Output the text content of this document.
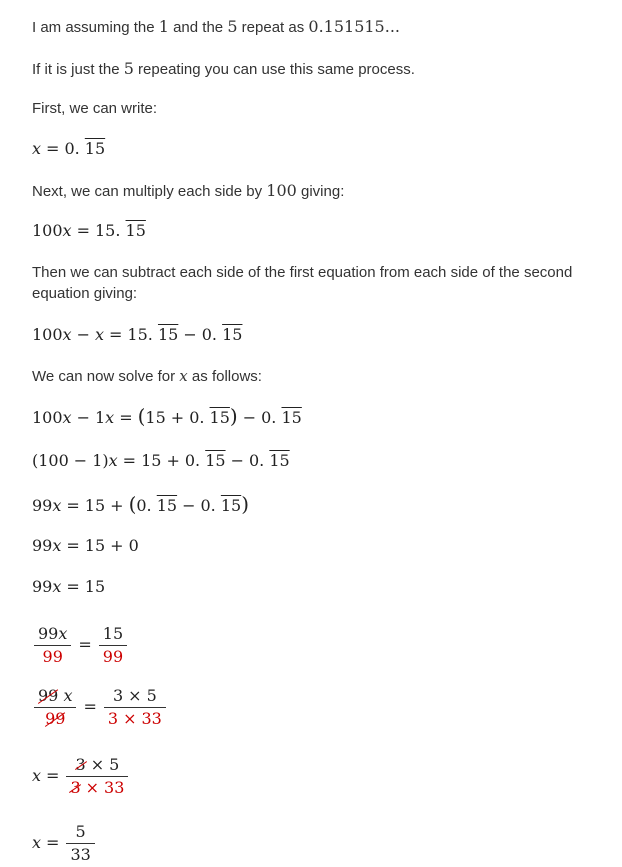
I am assuming the 1 and the 5 repeat as 0.151515...
If it is just the 5 repeating you can use this same process.
First, we can write:
x = 0. 15
Next, we can multiply each side by 100 giving:
100x = 15. 15
Then we can subtract each side of the first equation from each side of the second equation giving:
100x − x = 15. 15 − 0. 15
We can now solve for x as follows:
100x − 1x = (15 + 0. 15) − 0. 15
(100 − 1)x = 15 + 0. 15 − 0. 15
99x = 15 + (0. 15 − 0. 15)
99x = 15 + 0
99x = 15
$\frac{99x}{99} = \frac{15}{99}$
$\frac{99 x}{99} = \frac{3 \times 5}{3 \times 33}$
$x = \frac{3 \times 5}{3 \times 33}$
$x = \frac{5}{33}$
